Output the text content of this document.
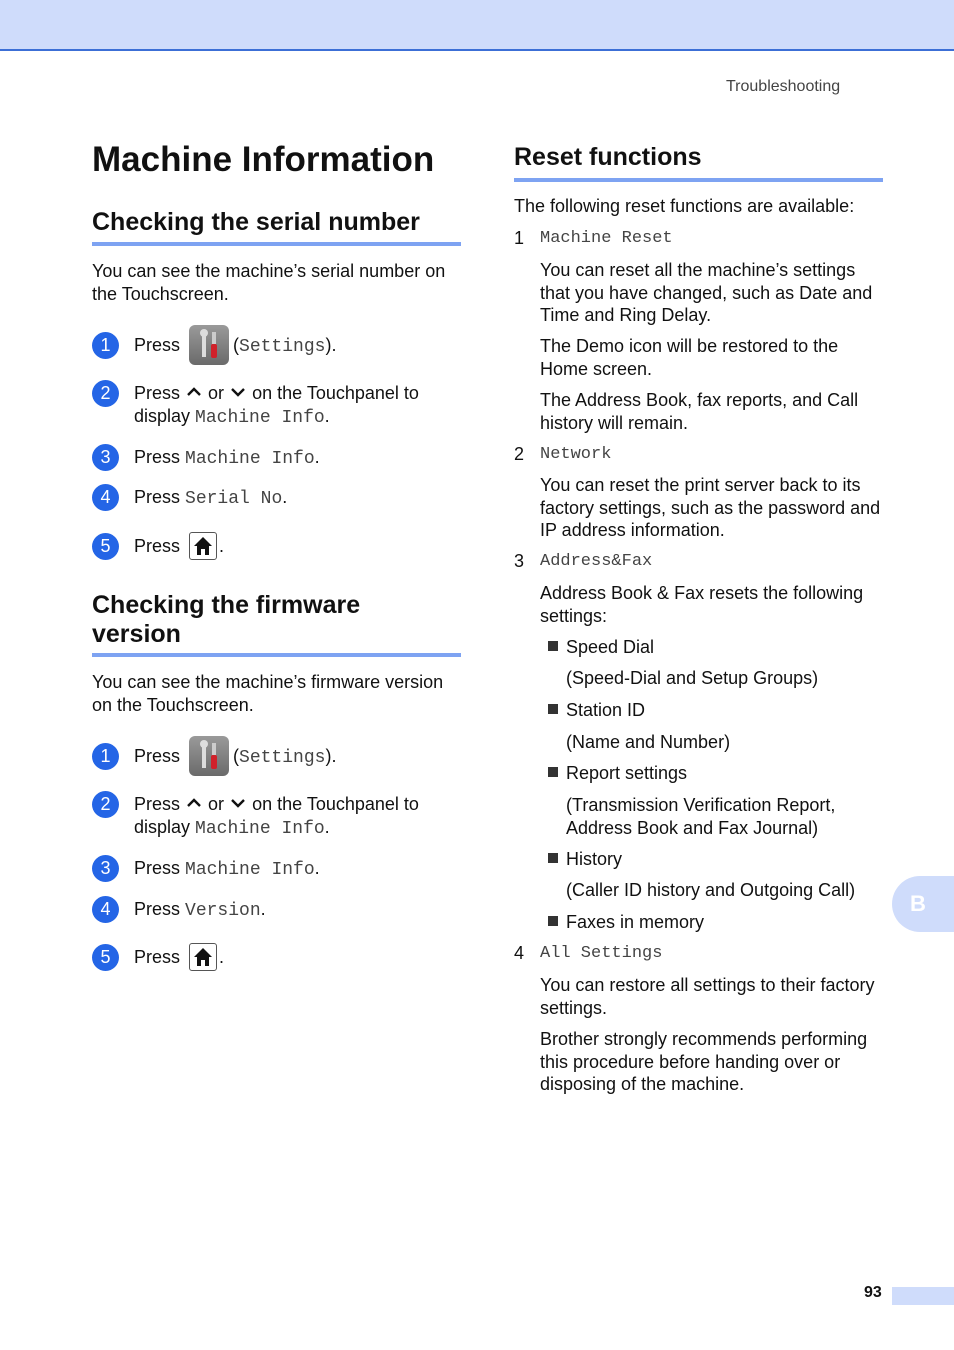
Troubleshooting
Machine Information
Checking the serial number

You can see the machine’s serial number on the Touchscreen.

1	Press	(Settings).
2	Press or on the Touchpanel to display Machine Info.
3	Press Machine Info.
4	Press Serial No.
5	Press .
Checking the firmware
version

You can see the machine’s firmware version on the Touchscreen.

1	Press	(Settings).
2	Press or on the Touchpanel to display Machine Info.
3	Press Machine Info.
4	Press Version.
5	Press .
Reset functions

The following reset functions are available:

1 Machine Reset

You can reset all the machine’s settings that you have changed, such as Date and Time and Ring Delay.

The Demo icon will be restored to the Home screen.

The Address Book, fax reports, and Call history will remain.

2 Network

You can reset the print server back to its factory settings, such as the password and IP address information.

3 Address&Fax

Address Book & Fax resets the following settings:

Speed Dial
(Speed-Dial and Setup Groups)
Station ID
(Name and Number)
Report settings
(Transmission Verification Report, Address Book and Fax Journal)
History
(Caller ID history and Outgoing Call)
Faxes in memory
4 All Settings

You can restore all settings to their factory settings.

Brother strongly recommends performing this procedure before handing over or disposing of the machine.

B
93
